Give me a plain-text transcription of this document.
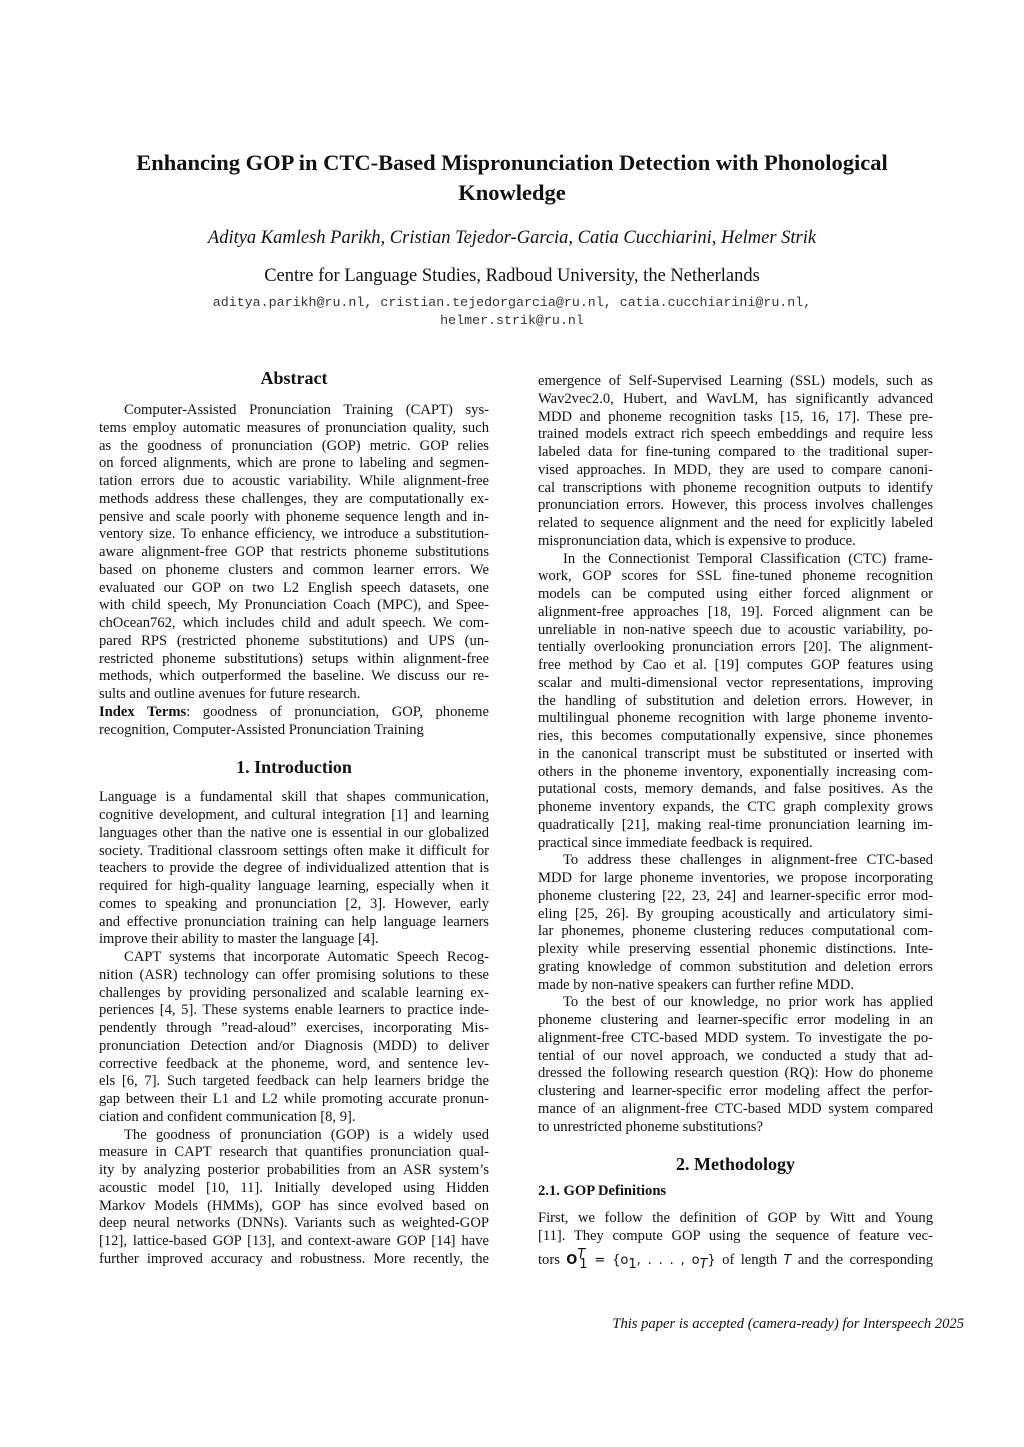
Enhancing GOP in CTC-Based Mispronunciation Detection with Phonological
Knowledge
Aditya Kamlesh Parikh, Cristian Tejedor-Garcia, Catia Cucchiarini, Helmer Strik
Centre for Language Studies, Radboud University, the Netherlands
aditya.parikh@ru.nl, cristian.tejedorgarcia@ru.nl, catia.cucchiarini@ru.nl,
helmer.strik@ru.nl
Abstract
Computer-Assisted Pronunciation Training (CAPT) sys-
tems employ automatic measures of pronunciation quality, such
as the goodness of pronunciation (GOP) metric. GOP relies
on forced alignments, which are prone to labeling and segmen-
tation errors due to acoustic variability. While alignment-free
methods address these challenges, they are computationally ex-
pensive and scale poorly with phoneme sequence length and in-
ventory size. To enhance efficiency, we introduce a substitution-
aware alignment-free GOP that restricts phoneme substitutions
based on phoneme clusters and common learner errors. We
evaluated our GOP on two L2 English speech datasets, one
with child speech, My Pronunciation Coach (MPC), and Spee-
chOcean762, which includes child and adult speech. We com-
pared RPS (restricted phoneme substitutions) and UPS (un-
restricted phoneme substitutions) setups within alignment-free
methods, which outperformed the baseline. We discuss our re-
sults and outline avenues for future research.
Index Terms: goodness of pronunciation, GOP, phoneme
recognition, Computer-Assisted Pronunciation Training
1. Introduction
Language is a fundamental skill that shapes communication,
cognitive development, and cultural integration [1] and learning
languages other than the native one is essential in our globalized
society. Traditional classroom settings often make it difficult for
teachers to provide the degree of individualized attention that is
required for high-quality language learning, especially when it
comes to speaking and pronunciation [2, 3]. However, early
and effective pronunciation training can help language learners
improve their ability to master the language [4].
CAPT systems that incorporate Automatic Speech Recog-
nition (ASR) technology can offer promising solutions to these
challenges by providing personalized and scalable learning ex-
periences [4, 5]. These systems enable learners to practice inde-
pendently through ”read-aloud” exercises, incorporating Mis-
pronunciation Detection and/or Diagnosis (MDD) to deliver
corrective feedback at the phoneme, word, and sentence lev-
els [6, 7]. Such targeted feedback can help learners bridge the
gap between their L1 and L2 while promoting accurate pronun-
ciation and confident communication [8, 9].
The goodness of pronunciation (GOP) is a widely used
measure in CAPT research that quantifies pronunciation qual-
ity by analyzing posterior probabilities from an ASR system’s
acoustic model [10, 11]. Initially developed using Hidden
Markov Models (HMMs), GOP has since evolved based on
deep neural networks (DNNs). Variants such as weighted-GOP
[12], lattice-based GOP [13], and context-aware GOP [14] have
further improved accuracy and robustness. More recently, the
emergence of Self-Supervised Learning (SSL) models, such as
Wav2vec2.0, Hubert, and WavLM, has significantly advanced
MDD and phoneme recognition tasks [15, 16, 17]. These pre-
trained models extract rich speech embeddings and require less
labeled data for fine-tuning compared to the traditional super-
vised approaches. In MDD, they are used to compare canoni-
cal transcriptions with phoneme recognition outputs to identify
pronunciation errors. However, this process involves challenges
related to sequence alignment and the need for explicitly labeled
mispronunciation data, which is expensive to produce.
In the Connectionist Temporal Classification (CTC) frame-
work, GOP scores for SSL fine-tuned phoneme recognition
models can be computed using either forced alignment or
alignment-free approaches [18, 19]. Forced alignment can be
unreliable in non-native speech due to acoustic variability, po-
tentially overlooking pronunciation errors [20]. The alignment-
free method by Cao et al. [19] computes GOP features using
scalar and multi-dimensional vector representations, improving
the handling of substitution and deletion errors. However, in
multilingual phoneme recognition with large phoneme invento-
ries, this becomes computationally expensive, since phonemes
in the canonical transcript must be substituted or inserted with
others in the phoneme inventory, exponentially increasing com-
putational costs, memory demands, and false positives. As the
phoneme inventory expands, the CTC graph complexity grows
quadratically [21], making real-time pronunciation learning im-
practical since immediate feedback is required.
To address these challenges in alignment-free CTC-based
MDD for large phoneme inventories, we propose incorporating
phoneme clustering [22, 23, 24] and learner-specific error mod-
eling [25, 26]. By grouping acoustically and articulatory simi-
lar phonemes, phoneme clustering reduces computational com-
plexity while preserving essential phonemic distinctions. Inte-
grating knowledge of common substitution and deletion errors
made by non-native speakers can further refine MDD.
To the best of our knowledge, no prior work has applied
phoneme clustering and learner-specific error modeling in an
alignment-free CTC-based MDD system. To investigate the po-
tential of our novel approach, we conducted a study that ad-
dressed the following research question (RQ): How do phoneme
clustering and learner-specific error modeling affect the perfor-
mance of an alignment-free CTC-based MDD system compared
to unrestricted phoneme substitutions?
2. Methodology
2.1. GOP Definitions
First, we follow the definition of GOP by Witt and Young
[11]. They compute GOP using the sequence of feature vec-
tors $O^T_1 = \{o_1$, . . . , $o_T$} of length T and the corresponding
This paper is accepted (camera-ready) for Interspeech 2025
